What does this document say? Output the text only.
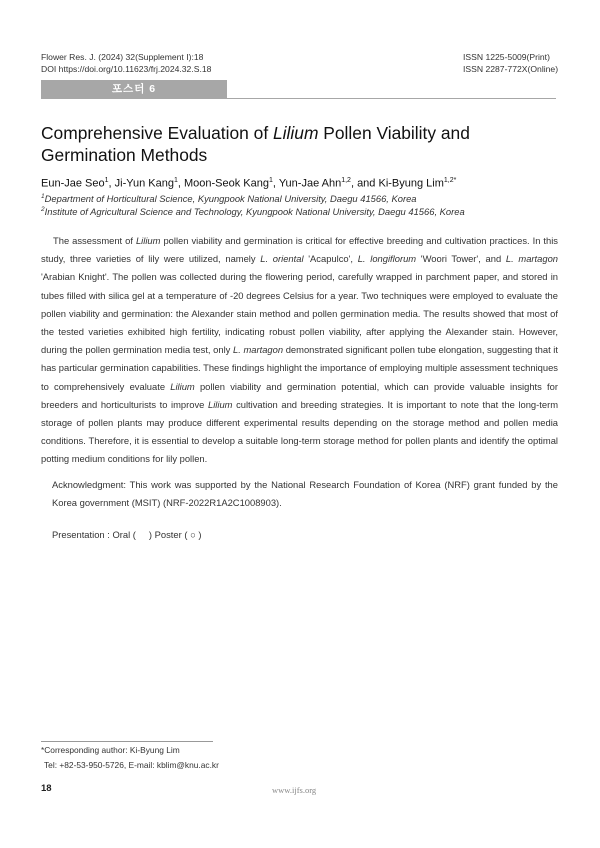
Flower Res. J. (2024) 32(Supplement I):18
DOI https://doi.org/10.11623/frj.2024.32.S.18
ISSN 1225-5009(Print)
ISSN 2287-772X(Online)
포스터 6
Comprehensive Evaluation of Lilium Pollen Viability and Germination Methods
Eun-Jae Seo$^1$, Ji-Yun Kang$^1$, Moon-Seok Kang$^1$, Yun-Jae Ahn$^{1,2}$, and Ki-Byung Lim$^{1,2*}$
$^1$Department of Horticultural Science, Kyungpook National University, Daegu 41566, Korea
$^2$Institute of Agricultural Science and Technology, Kyungpook National University, Daegu 41566, Korea

The assessment of Lilium pollen viability and germination is critical for effective breeding and cultivation practices. In this study, three varieties of lily were utilized, namely L. oriental 'Acapulco', L. longiflorum 'Woori Tower', and L. martagon 'Arabian Knight'. The pollen was collected during the flowering period, carefully wrapped in parchment paper, and stored in tubes filled with silica gel at a temperature of -20 degrees Celsius for a year. Two techniques were employed to evaluate the pollen viability and germination: the Alexander stain method and pollen germination media. The results showed that most of the tested varieties exhibited high fertility, indicating robust pollen viability, after applying the Alexander stain. However, during the pollen germination media test, only L. martagon demonstrated significant pollen tube elongation, suggesting that it has particular germination capabilities. These findings highlight the importance of employing multiple assessment techniques to comprehensively evaluate Lilium pollen viability and germination potential, which can provide valuable insights for breeders and horticulturists to improve Lilium cultivation and breeding strategies. It is important to note that the long-term storage of pollen plants may produce different experimental results depending on the storage method and pollen media conditions. Therefore, it is essential to develop a suitable long-term storage method for pollen plants and identify the optimal potting medium conditions for lily pollen.

Acknowledgment: This work was supported by the National Research Foundation of Korea (NRF) grant funded by the Korea government (MSIT) (NRF-2022R1A2C1008903).

Presentation : Oral (     ) Poster ( ○ )
*Corresponding author: Ki-Byung Lim
Tel: +82-53-950-5726, E-mail: kblim@knu.ac.kr
18	www.ijfs.org
